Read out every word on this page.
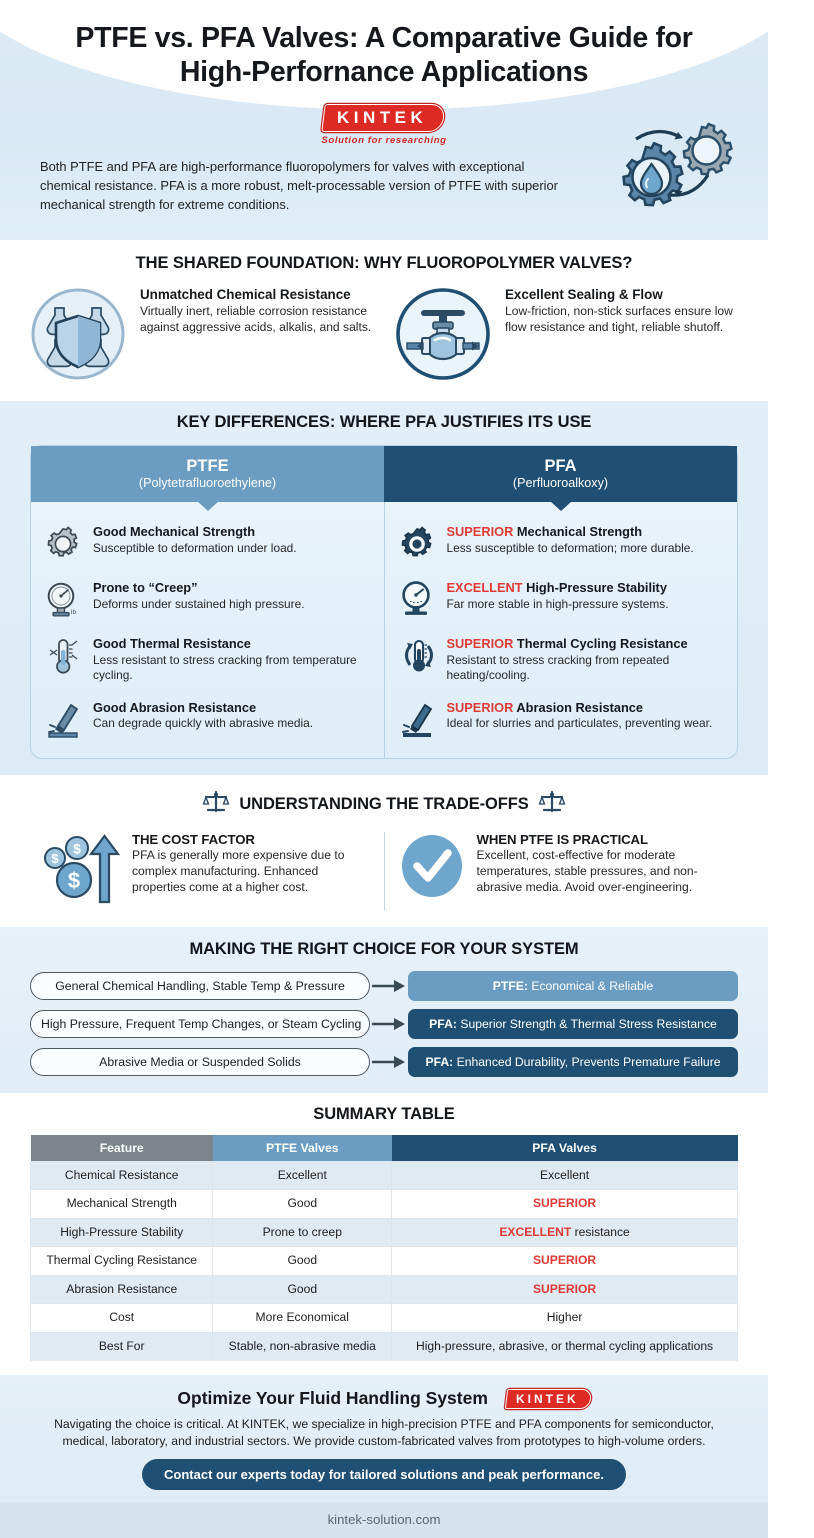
PTFE vs. PFA Valves: A Comparative Guide for High-Perfornance Applications
KINTEK
Solution for researching

Both PTFE and PFA are high-performance fluoropolymers for valves with exceptional chemical resistance. PFA is a more robust, melt-processable version of PTFE with superior mechanical strength for extreme conditions.

THE SHARED FOUNDATION: WHY FLUOROPOLYMER VALVES?
Unmatched Chemical Resistance
Virtually inert, reliable corrosion resistance against aggressive acids, alkalis, and salts.
Excellent Sealing & Flow
Low-friction, non-stick surfaces ensure low flow resistance and tight, reliable shutoff.
KEY DIFFERENCES: WHERE PFA JUSTIFIES ITS USE
PTFE
(Polytetrafluoroethylene)
PFA
(Perfluoroalkoxy)
Good Mechanical Strength
Susceptible to deformation under load.
lb
Prone to “Creep”
Deforms under sustained high pressure.
Good Thermal Resistance
Less resistant to stress cracking from temperature cycling.
Good Abrasion Resistance
Can degrade quickly with abrasive media.
SUPERIOR Mechanical Strength
Less susceptible to deformation; more durable.
EXCELLENT High-Pressure Stability
Far more stable in high-pressure systems.
SUPERIOR Thermal Cycling Resistance
Resistant to stress cracking from repeated heating/cooling.
SUPERIOR Abrasion Resistance
Ideal for slurries and particulates, preventing wear.
UNDERSTANDING THE TRADE-OFFS
$
$
$
THE COST FACTOR
PFA is generally more expensive due to complex manufacturing. Enhanced properties come at a higher cost.
WHEN PTFE IS PRACTICAL
Excellent, cost-effective for moderate temperatures, stable pressures, and non-abrasive media. Avoid over-engineering.
MAKING THE RIGHT CHOICE FOR YOUR SYSTEM
General Chemical Handling, Stable Temp & Pressure	PTFE: Economical & Reliable
High Pressure, Frequent Temp Changes, or Steam Cycling	PFA: Superior Strength & Thermal Stress Resistance
Abrasive Media or Suspended Solids	PFA: Enhanced Durability, Prevents Premature Failure
SUMMARY TABLE
Feature	PTFE Valves	PFA Valves
Chemical Resistance	Excellent	Excellent
Mechanical Strength	Good	SUPERIOR
High-Pressure Stability	Prone to creep	EXCELLENT resistance
Thermal Cycling Resistance	Good	SUPERIOR
Abrasion Resistance	Good	SUPERIOR
Cost	More Economical	Higher
Best For	Stable, non-abrasive media	High-pressure, abrasive, or thermal cycling applications
Optimize Your Fluid Handling System KINTEK

Navigating the choice is critical. At KINTEK, we specialize in high-precision PTFE and PFA components for semiconductor, medical, laboratory, and industrial sectors. We provide custom-fabricated valves from prototypes to high-volume orders.

Contact our experts today for tailored solutions and peak performance.
kintek-solution.com
